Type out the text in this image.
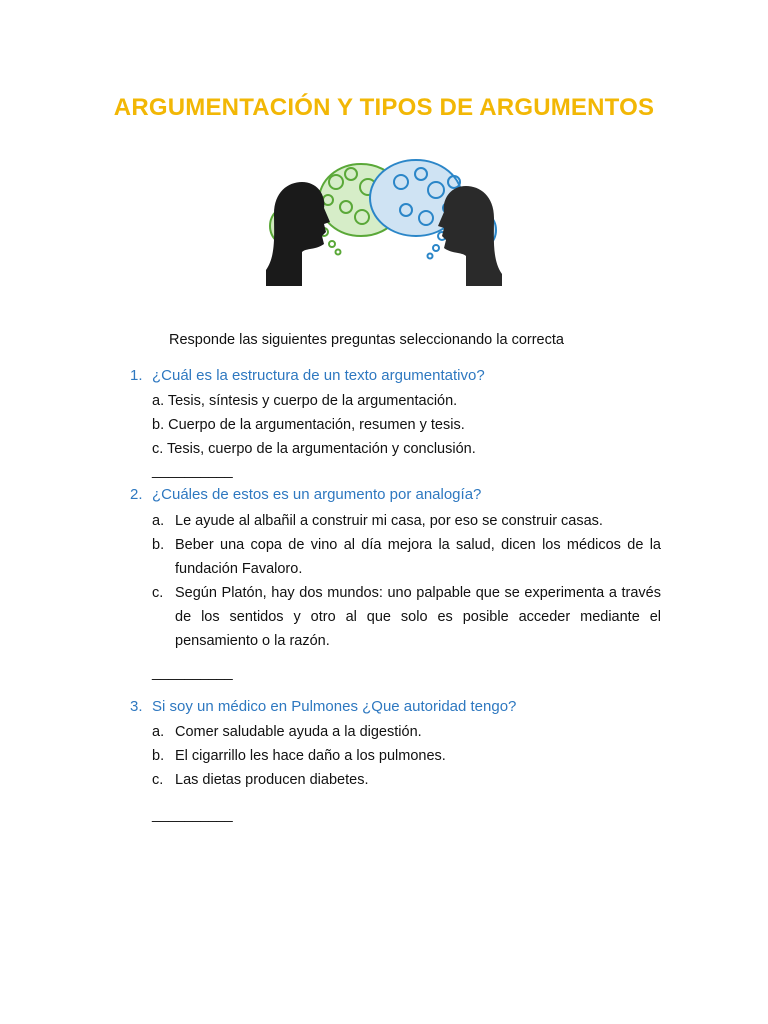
ARGUMENTACIÓN Y TIPOS DE ARGUMENTOS
Responde las siguientes preguntas seleccionando la correcta
1. ¿Cuál es la estructura de un texto argumentativo?
a. Tesis, síntesis y cuerpo de la argumentación.
b. Cuerpo de la argumentación, resumen y tesis.
c. Tesis, cuerpo de la argumentación y conclusión.
__________
2. ¿Cuáles de estos es un argumento por analogía?
a. Le ayude al albañil a construir mi casa, por eso se construir casas.
b. Beber una copa de vino al día mejora la salud, dicen los médicos de la fundación Favaloro.
c. Según Platón, hay dos mundos: uno palpable que se experimenta a través de los sentidos y otro al que solo es posible acceder mediante el pensamiento o la razón.
__________
3. Si soy un médico en Pulmones ¿Que autoridad tengo?
a. Comer saludable ayuda a la digestión.
b. El cigarrillo les hace daño a los pulmones.
c. Las dietas producen diabetes.
__________
